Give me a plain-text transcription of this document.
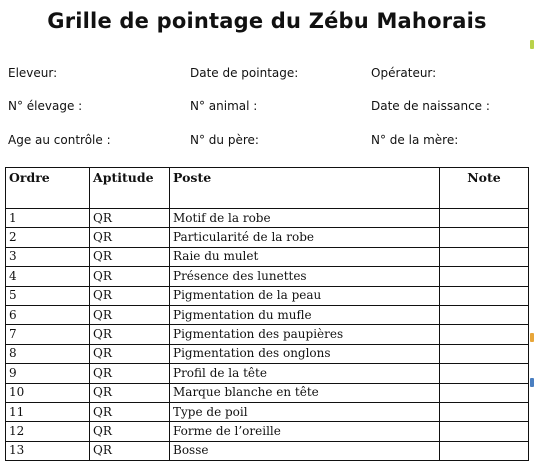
Grille de pointage du Zébu Mahorais
Eleveur:	Date de pointage:	Opérateur:
N° élevage :	N° animal :	Date de naissance :
Age au contrôle :	N° du père:	N° de la mère:
Ordre	Aptitude	Poste	Note
1	QR	Motif de la robe	
2	QR	Particularité de la robe	
3	QR	Raie du mulet	
4	QR	Présence des lunettes	
5	QR	Pigmentation de la peau	
6	QR	Pigmentation du mufle	
7	QR	Pigmentation des paupières	
8	QR	Pigmentation des onglons	
9	QR	Profil de la tête	
10	QR	Marque blanche en tête	
11	QR	Type de poil	
12	QR	Forme de l’oreille	
13	QR	Bosse	
